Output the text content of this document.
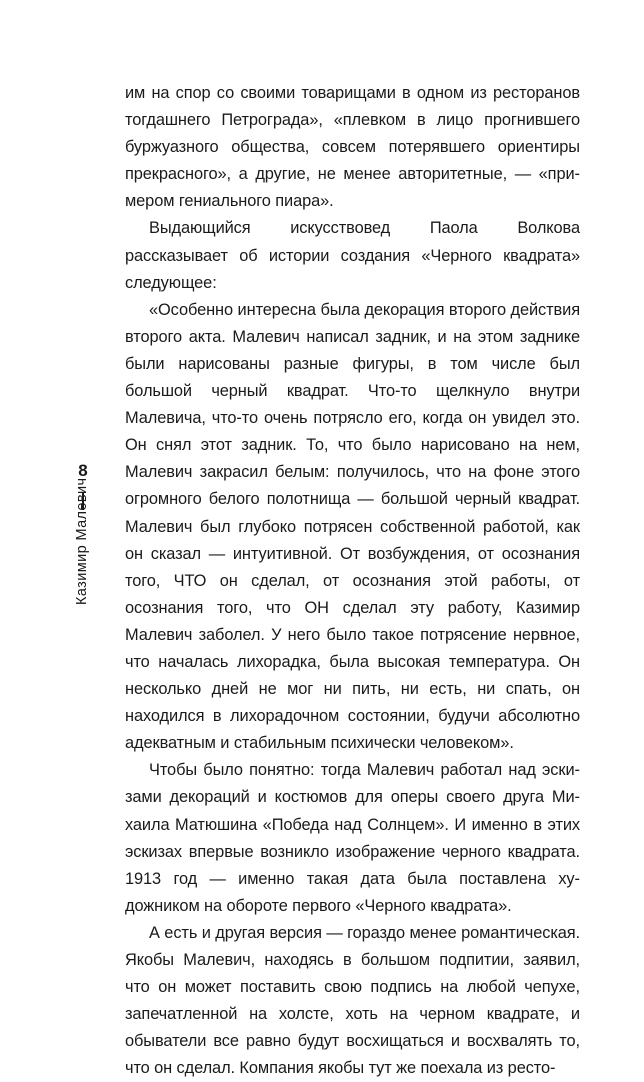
8
Казимир Малевич

им на спор со своими товарищами в одном из ресторанов тогдашнего Петрограда», «плевком в лицо прогнившего буржуазного общества, совсем потерявшего ориентиры прекрасного», а другие, не менее авторитетные, — «примером гениального пиара».

Выдающийся искусствовед Паола Волкова рассказывает об истории создания «Черного квадрата» следующее:

«Особенно интересна была декорация второго действия второго акта. Малевич написал задник, и на этом заднике были нарисованы разные фигуры, в том числе был большой черный квадрат. Что-то щелкнуло внутри Малевича, что-то очень потрясло его, когда он увидел это. Он снял этот задник. То, что было нарисовано на нем, Малевич закрасил белым: получилось, что на фоне этого огромного белого полотнища — большой черный квадрат. Малевич был глубоко потрясен собственной работой, как он сказал — интуитивной. От возбуждения, от осознания того, ЧТО он сделал, от осознания этой работы, от осознания того, что ОН сделал эту работу, Казимир Малевич заболел. У него было такое потрясение нервное, что началась лихорадка, была высокая температура. Он несколько дней не мог ни пить, ни есть, ни спать, он находился в лихорадочном состоянии, будучи абсолютно адекватным и стабильным психически человеком».

Чтобы было понятно: тогда Малевич работал над эскизами декораций и костюмов для оперы своего друга Михаила Матюшина «Победа над Солнцем». И именно в этих эскизах впервые возникло изображение черного квадрата. 1913 год — именно такая дата была поставлена художником на обороте первого «Черного квадрата».

А есть и другая версия — гораздо менее романтическая. Якобы Малевич, находясь в большом подпитии, заявил, что он может поставить свою подпись на любой чепухе, запечатленной на холсте, хоть на черном квадрате, и обыватели все равно будут восхищаться и восхвалять то, что он сделал. Компания якобы тут же поехала из ресто-
